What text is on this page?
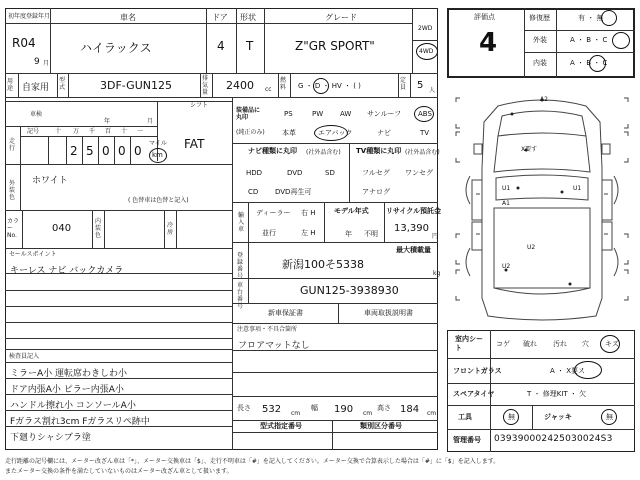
初年度登録年月	車名	ドア 形状	グレード
2WD
R04
9 月
ハイラックス	4 T	Z"GR SPORT"	4WD
用途 自家用
型式	3DF-GUN125
排気量
2400 cc
燃料 G ・ D ・ HV ・ ( )
定員 5 人
車検
年	月
シフト
FAT
走行
記号	十 万 千 百 十 一
2 5 0 0 0
マイル
km
外装色
ホワイト
( 色替車は色替と記入)
カラーNo.
040
内装色
冷房
セールスポイント
キーレス ナビ バックカメラ
検査員記入
ミラーA小 運転席わきしわ小
ドア内張A小 ピラー内張A小
ハンドル擦れ小 コンソールA小
Fガラス割れ3cm Fガラスリペ跡中
下廻りシャシブラ塗
装備品に丸印
(純正のみ)
PS	PW AW サンルーフ ABS
本革	エアバック	ナビ	TV
ナビ種類に丸印 (社外品含む)
HDD	DVD	SD
CD DVD再生可
TV種類に丸印 (社外品含む)
フルセグ ワンセグ
アナログ
輸入車
ディーラー 右 H
並行	左 H
モデル年式
年 不明
リサイクル預託金
13,390
円
最大積載量
kg
登録番号
新潟100そ5338
車台番号
GUN125-3938930
新車保証書	車両取扱説明書
注意事項・不具合箇所
フロアマットなし
長さ 532 cm
幅 190 cm
高さ 184 cm
型式指定番号	類別区分番号
評価点
4
修復歴	有 ・ 無
外装	A ・ B ・ C
内装	A ・ B ・ C
A2
X要す
U1	U1
A1
U2
U2
室内シート	コゲ 破れ 汚れ 穴 キズ
フロントガラス	A ・ X要ス
スペアタイヤ	T ・ 修理KIT ・ 欠
工具	無	ジャッキ	無
管理番号 039390002425030024S3
走行距離の記号欄には、メーター改ざん車は「*」、メーター交換車は「$」、走行不明車は「#」を記入してください。メーター交換で合算表示した場合は「#」に「$」を記入します。
またメーター交換の条件を満たしていないものはメーター改ざん車として扱います。
